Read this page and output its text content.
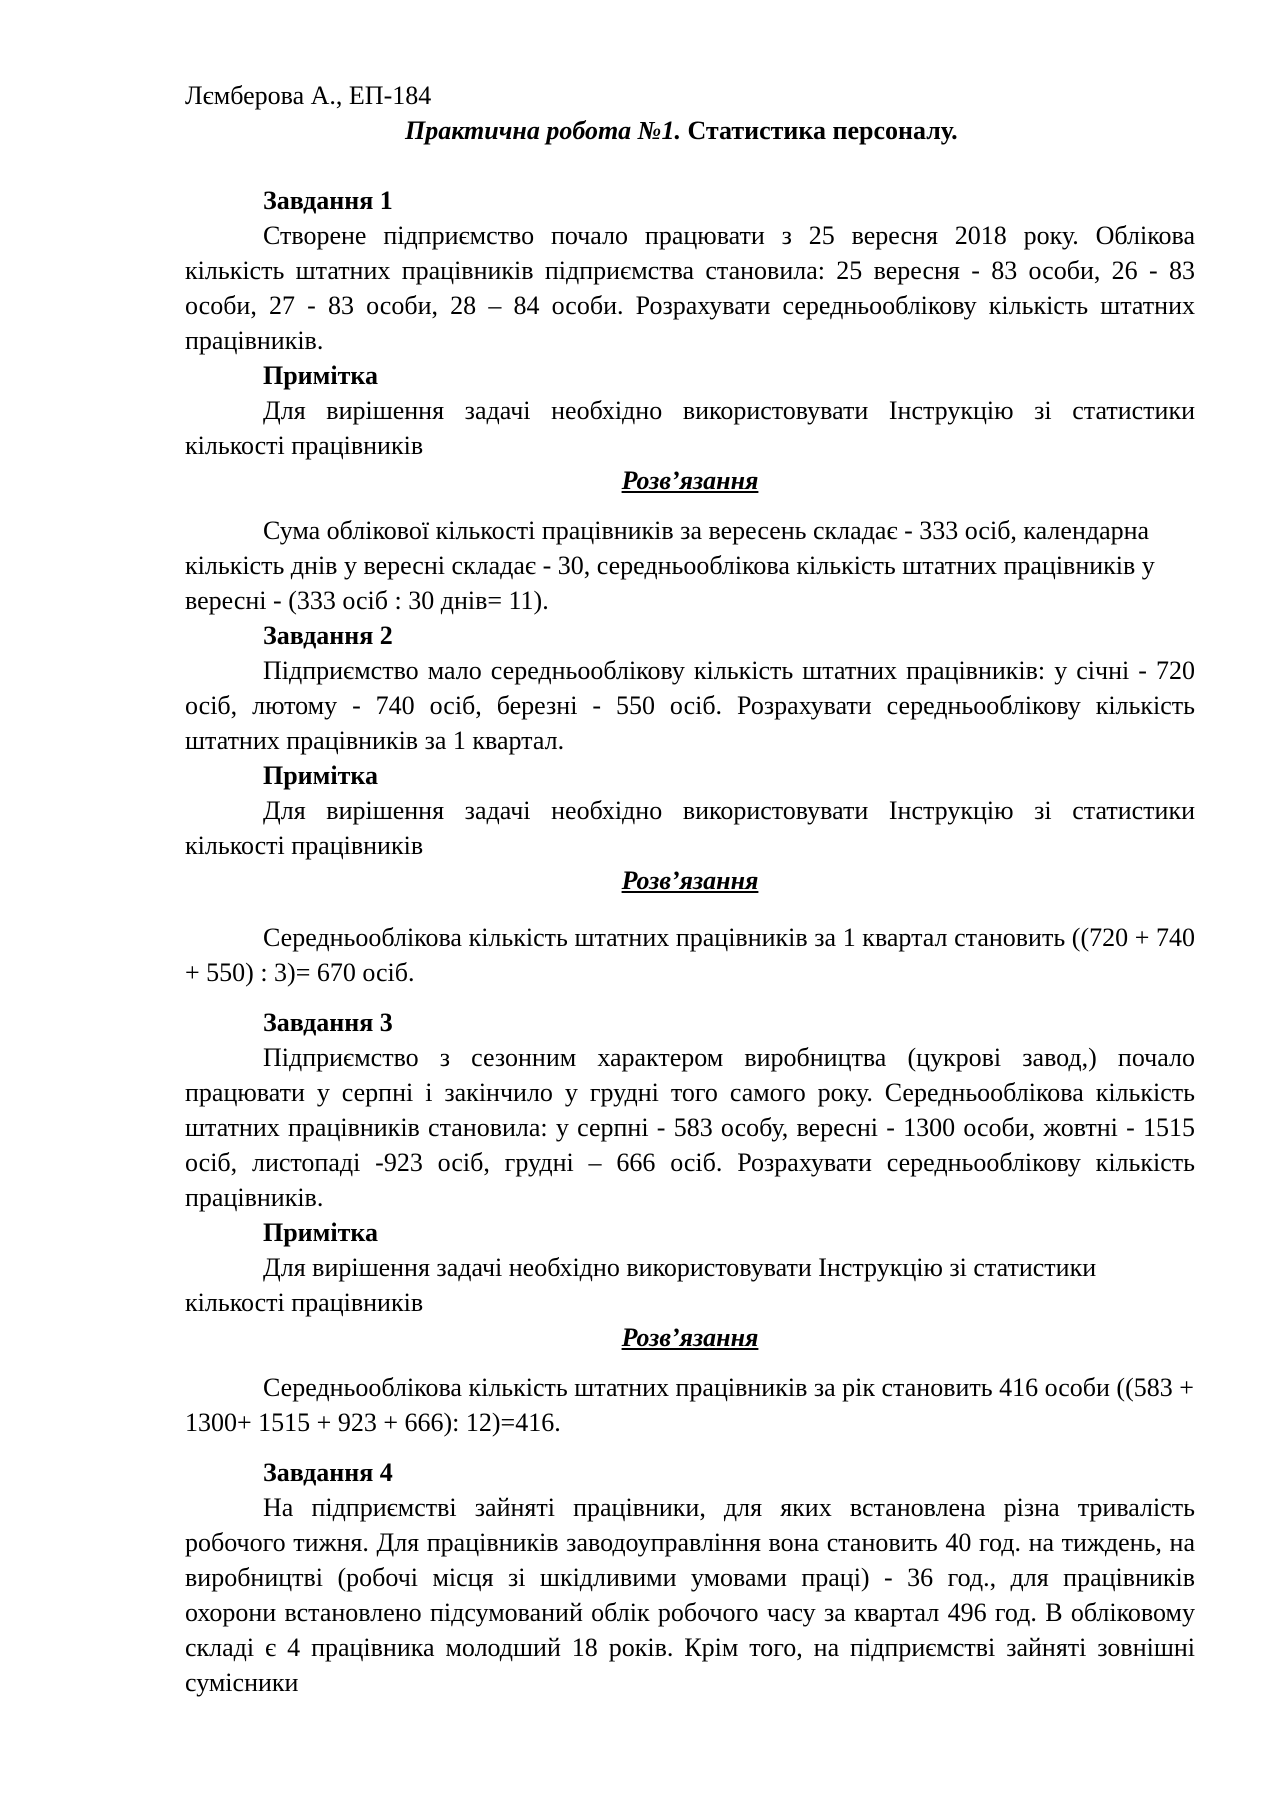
Лємберова А., ЕП-184

Практична робота №1. Статистика персоналу.

Завдання 1

Створене підприємство почало працювати з 25 вересня 2018 року. Облікова кількість штатних працівників підприємства становила: 25 вересня - 83 особи, 26 - 83 особи, 27 - 83 особи, 28 – 84 особи. Розрахувати середньооблікову кількість штатних працівників.

Примітка

Для вирішення задачі необхідно використовувати Інструкцію зі статистики кількості працівників

Розв’язання

Сума облікової кількості працівників за вересень складає - 333 осіб, календарна кількість днів у вересні складає - 30, середньооблікова кількість штатних працівників у вересні - (333 осіб : 30 днів= 11).

Завдання 2

Підприємство мало середньооблікову кількість штатних працівників: у січні - 720 осіб, лютому - 740 осіб, березні - 550 осіб. Розрахувати середньооблікову кількість штатних працівників за 1 квартал.

Примітка

Для вирішення задачі необхідно використовувати Інструкцію зі статистики кількості працівників

Розв’язання

Середньооблікова кількість штатних працівників за 1 квартал становить ((720 + 740 + 550) : 3)= 670 осіб.

Завдання 3

Підприємство з сезонним характером виробництва (цукрові завод,) почало працювати у серпні і закінчило у грудні того самого року. Середньооблікова кількість штатних працівників становила: у серпні - 583 особу, вересні - 1300 особи, жовтні - 1515 осіб, листопаді -923 осіб, грудні – 666 осіб. Розрахувати середньооблікову кількість працівників.

Примітка

Для вирішення задачі необхідно використовувати Інструкцію зі статистики кількості працівників

Розв’язання

Середньооблікова кількість штатних працівників за рік становить 416 особи ((583 + 1300+ 1515 + 923 + 666): 12)=416.

Завдання 4

На підприємстві зайняті працівники, для яких встановлена різна тривалість робочого тижня. Для працівників заводоуправління вона становить 40 год. на тиждень, на виробництві (робочі місця зі шкідливими умовами праці) - 36 год., для працівників охорони встановлено підсумований облік робочого часу за квартал 496 год. В обліковому складі є 4 працівника молодший 18 років. Крім того, на підприємстві зайняті зовнішні сумісники
